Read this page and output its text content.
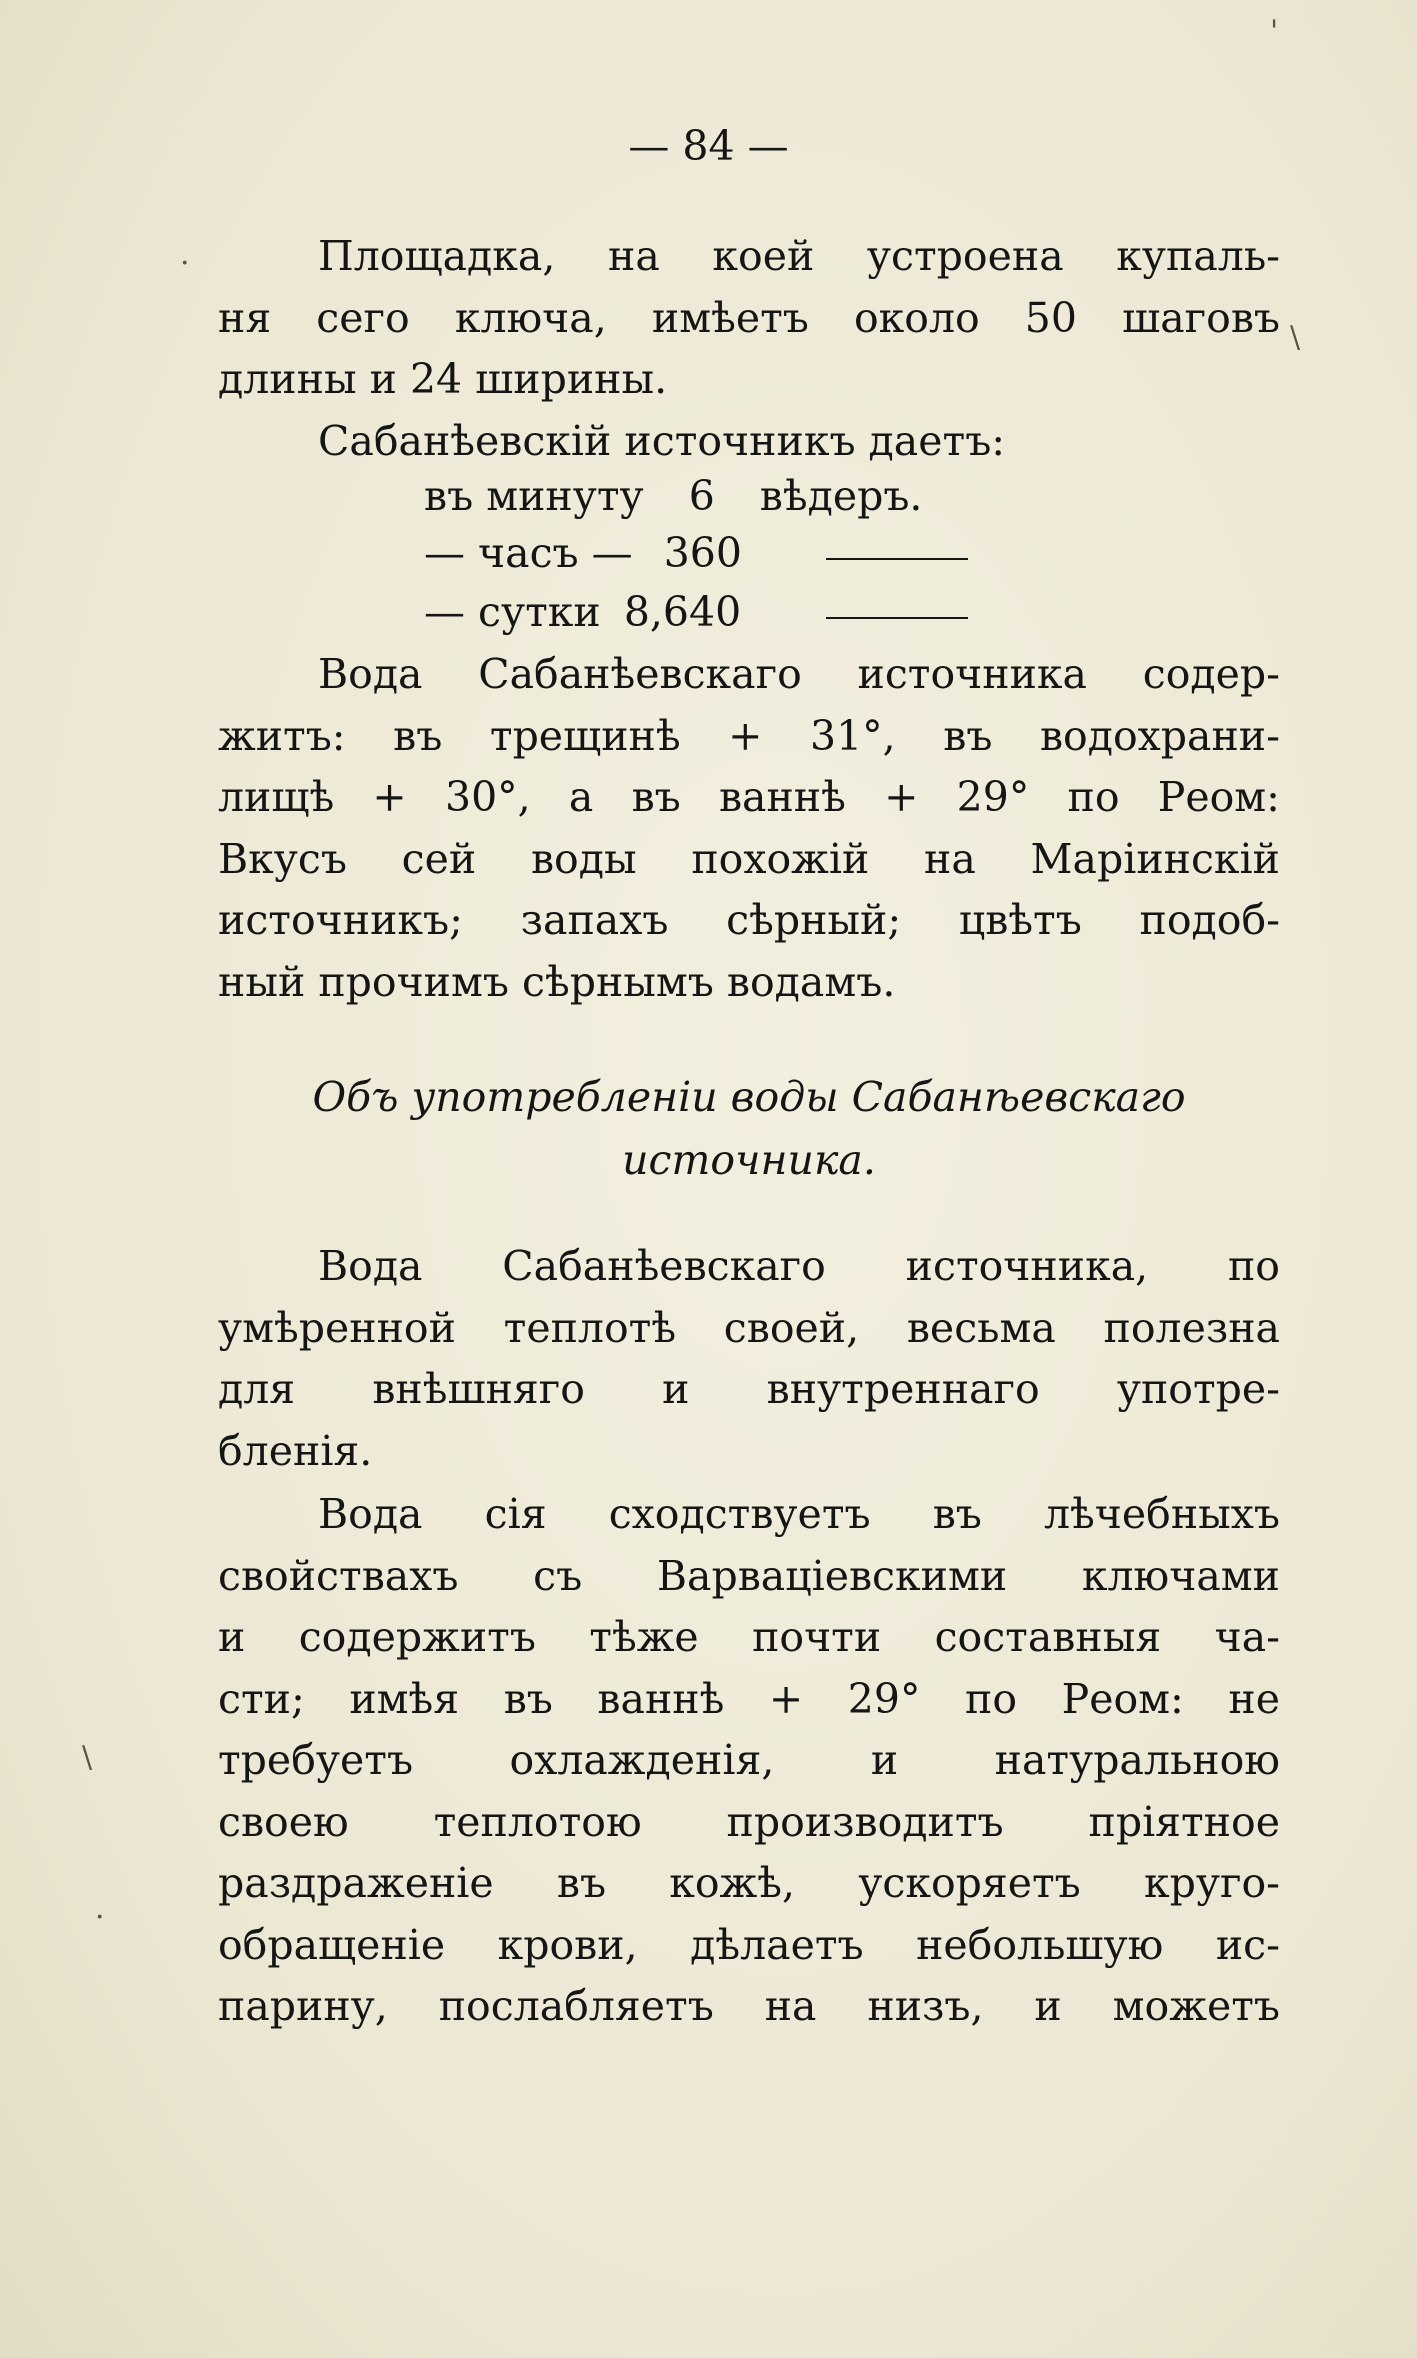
— 84 —
Площадка, на коей устроена купаль-
ня сего ключа, имѣетъ около 50 шаговъ
длины и 24 ширины.
Сабанѣевскій источникъ даетъ:
въ минуту 6 вѣдеръ.
— часъ — 360
— сутки 8,640
Вода Сабанѣевскаго источника содер-
житъ: въ трещинѣ + 31°, въ водохрани-
лищѣ + 30°, а въ ваннѣ + 29° по Реом:
Вкусъ сей воды похожій на Маріинскій
источникъ; запахъ сѣрный; цвѣтъ подоб-
ный прочимъ сѣрнымъ водамъ.
Объ употребленіи воды Сабанѣевскаго
источника.
Вода Сабанѣевскаго источника, по
умѣренной теплотѣ своей, весьма полезна
для внѣшняго и внутреннаго употре-
бленія.
Вода сія сходствуетъ въ лѣчебныхъ
свойствахъ съ Варваціевскими ключами
и содержитъ тѣже почти составныя ча-
сти; имѣя въ ваннѣ + 29° по Реом: не
требуетъ охлажденія, и натуральною
своею теплотою производитъ пріятное
раздраженіе въ кожѣ, ускоряетъ круго-
обращеніе крови, дѣлаетъ небольшую ис-
парину, послабляетъ на низъ, и можетъ
·
'
\
\
·
